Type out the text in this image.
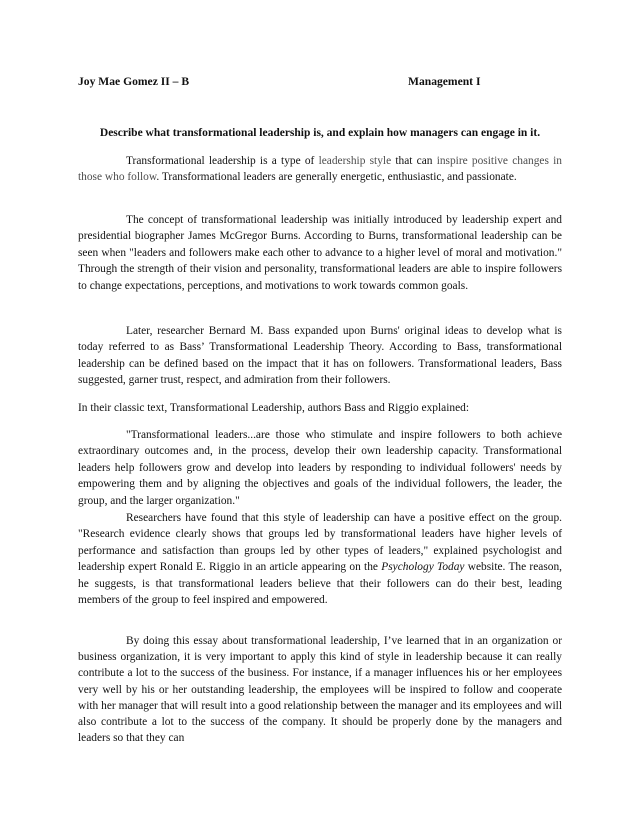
Joy Mae Gomez II – B	Management I
Describe what transformational leadership is, and explain how managers can engage in it.

Transformational leadership is a type of leadership style that can inspire positive changes in those who follow. Transformational leaders are generally energetic, enthusiastic, and passionate.

The concept of transformational leadership was initially introduced by leadership expert and presidential biographer James McGregor Burns. According to Burns, transformational leadership can be seen when "leaders and followers make each other to advance to a higher level of moral and motivation." Through the strength of their vision and personality, transformational leaders are able to inspire followers to change expectations, perceptions, and motivations to work towards common goals.

Later, researcher Bernard M. Bass expanded upon Burns' original ideas to develop what is today referred to as Bass’ Transformational Leadership Theory. According to Bass, transformational leadership can be defined based on the impact that it has on followers. Transformational leaders, Bass suggested, garner trust, respect, and admiration from their followers.

In their classic text, Transformational Leadership, authors Bass and Riggio explained:

"Transformational leaders...are those who stimulate and inspire followers to both achieve extraordinary outcomes and, in the process, develop their own leadership capacity. Transformational leaders help followers grow and develop into leaders by responding to individual followers' needs by empowering them and by aligning the objectives and goals of the individual followers, the leader, the group, and the larger organization."

Researchers have found that this style of leadership can have a positive effect on the group. "Research evidence clearly shows that groups led by transformational leaders have higher levels of performance and satisfaction than groups led by other types of leaders," explained psychologist and leadership expert Ronald E. Riggio in an article appearing on the Psychology Today website. The reason, he suggests, is that transformational leaders believe that their followers can do their best, leading members of the group to feel inspired and empowered.

By doing this essay about transformational leadership, I’ve learned that in an organization or business organization, it is very important to apply this kind of style in leadership because it can really contribute a lot to the success of the business. For instance, if a manager influences his or her employees very well by his or her outstanding leadership, the employees will be inspired to follow and cooperate with her manager that will result into a good relationship between the manager and its employees and will also contribute a lot to the success of the company. It should be properly done by the managers and leaders so that they can
